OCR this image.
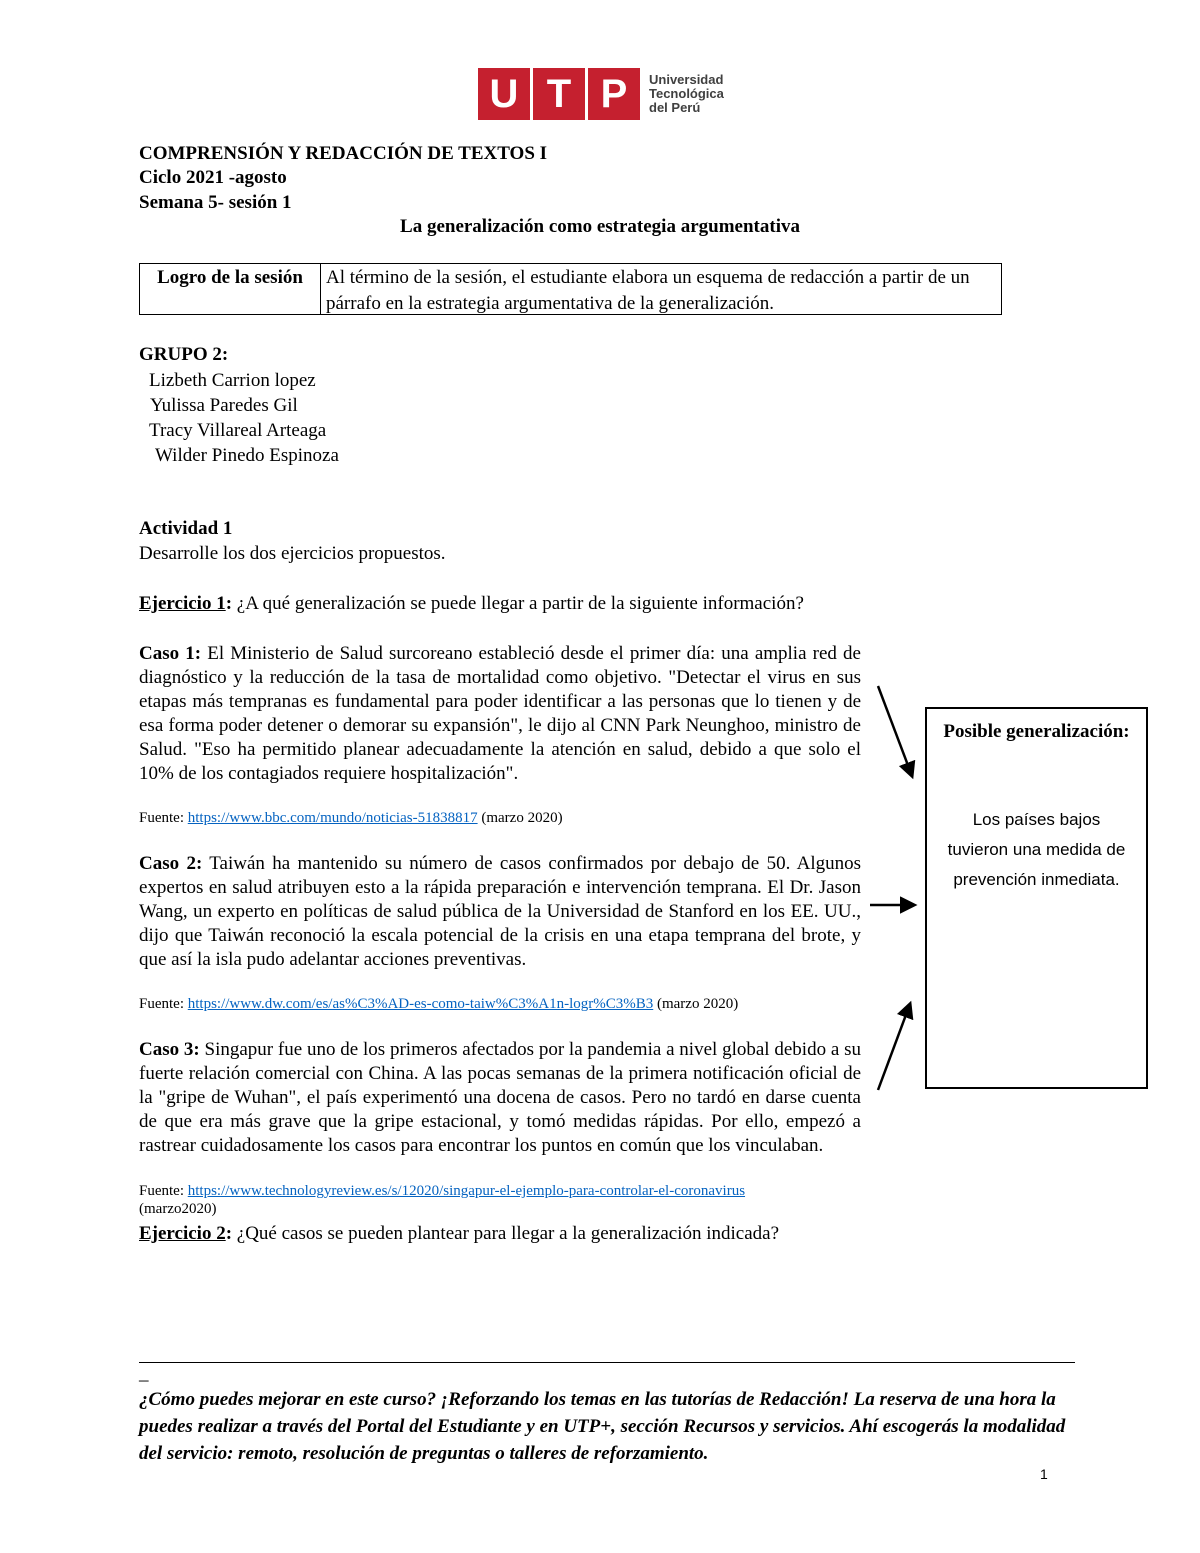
U T P	Universidad
Tecnológica
del Perú
COMPRENSIÓN Y REDACCIÓN DE TEXTOS I
Ciclo 2021 -agosto
Semana 5- sesión 1
La generalización como estrategia argumentativa
Logro de la sesión	Al término de la sesión, el estudiante elabora un esquema de redacción a partir de un párrafo en la estrategia argumentativa de la generalización.
GRUPO 2:
Lizbeth Carrion lopez
Yulissa Paredes Gil
Tracy Villareal Arteaga
Wilder Pinedo Espinoza
Actividad 1
Desarrolle los dos ejercicios propuestos.
Ejercicio 1: ¿A qué generalización se puede llegar a partir de la siguiente información?
Caso 1: El Ministerio de Salud surcoreano estableció desde el primer día: una amplia red de diagnóstico y la reducción de la tasa de mortalidad como objetivo. "Detectar el virus en sus etapas más tempranas es fundamental para poder identificar a las personas que lo tienen y de esa forma poder detener o demorar su expansión", le dijo al CNN Park Neunghoo, ministro de Salud. "Eso ha permitido planear adecuadamente la atención en salud, debido a que solo el 10% de los contagiados requiere hospitalización".
Fuente: https://www.bbc.com/mundo/noticias-51838817 (marzo 2020)
Caso 2: Taiwán ha mantenido su número de casos confirmados por debajo de 50. Algunos expertos en salud atribuyen esto a la rápida preparación e intervención temprana. El Dr. Jason Wang, un experto en políticas de salud pública de la Universidad de Stanford en los EE. UU., dijo que Taiwán reconoció la escala potencial de la crisis en una etapa temprana del brote, y que así la isla pudo adelantar acciones preventivas.
Fuente: https://www.dw.com/es/as%C3%AD-es-como-taiw%C3%A1n-logr%C3%B3 (marzo 2020)
Caso 3: Singapur fue uno de los primeros afectados por la pandemia a nivel global debido a su fuerte relación comercial con China. A las pocas semanas de la primera notificación oficial de la "gripe de Wuhan", el país experimentó una docena de casos. Pero no tardó en darse cuenta de que era más grave que la gripe estacional, y tomó medidas rápidas. Por ello, empezó a rastrear cuidadosamente los casos para encontrar los puntos en común que los vinculaban.
Fuente: https://www.technologyreview.es/s/12020/singapur-el-ejemplo-para-controlar-el-coronavirus
(marzo2020)
Ejercicio 2: ¿Qué casos se pueden plantear para llegar a la generalización indicada?
Posible generalización:
Los países bajos tuvieron una medida de prevención inmediata.
_
¿Cómo puedes mejorar en este curso? ¡Reforzando los temas en las tutorías de Redacción! La reserva de una hora la puedes realizar a través del Portal del Estudiante y en UTP+, sección Recursos y servicios. Ahí escogerás la modalidad del servicio: remoto, resolución de preguntas o talleres de reforzamiento.
1
